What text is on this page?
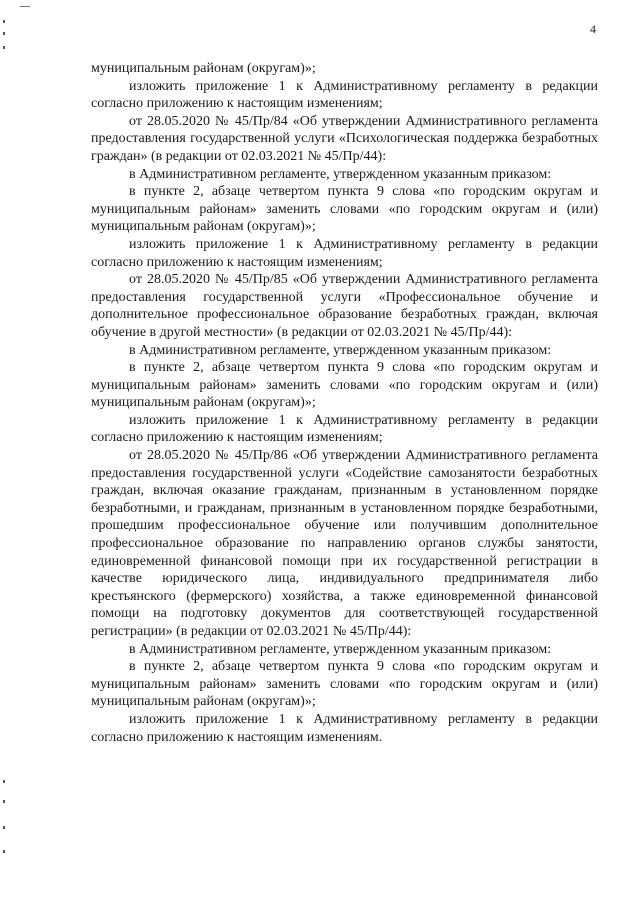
4

муниципальным районам (округам)»;

изложить приложение 1 к Административному регламенту в редакции согласно приложению к настоящим изменениям;

от 28.05.2020 № 45/Пр/84 «Об утверждении Административного регламента предоставления государственной услуги «Психологическая поддержка безработных граждан» (в редакции от 02.03.2021 № 45/Пр/44):

в Административном регламенте, утвержденном указанным приказом:

в пункте 2, абзаце четвертом пункта 9 слова «по городским округам и муниципальным районам» заменить словами «по городским округам и (или) муниципальным районам (округам)»;

изложить приложение 1 к Административному регламенту в редакции согласно приложению к настоящим изменениям;

от 28.05.2020 № 45/Пр/85 «Об утверждении Административного регламента предоставления государственной услуги «Профессиональное обучение и дополнительное профессиональное образование безработных граждан, включая обучение в другой местности» (в редакции от 02.03.2021 № 45/Пр/44):

в Административном регламенте, утвержденном указанным приказом:

в пункте 2, абзаце четвертом пункта 9 слова «по городским округам и муниципальным районам» заменить словами «по городским округам и (или) муниципальным районам (округам)»;

изложить приложение 1 к Административному регламенту в редакции согласно приложению к настоящим изменениям;

от 28.05.2020 № 45/Пр/86 «Об утверждении Административного регламента предоставления государственной услуги «Содействие самозанятости безработных граждан, включая оказание гражданам, признанным в установленном порядке безработными, и гражданам, признанным в установленном порядке безработными, прошедшим профессиональное обучение или получившим дополнительное профессиональное образование по направлению органов службы занятости, единовременной финансовой помощи при их государственной регистрации в качестве юридического лица, индивидуального предпринимателя либо крестьянского (фермерского) хозяйства, а также единовременной финансовой помощи на подготовку документов для соответствующей государственной регистрации» (в редакции от 02.03.2021 № 45/Пр/44):

в Административном регламенте, утвержденном указанным приказом:

в пункте 2, абзаце четвертом пункта 9 слова «по городским округам и муниципальным районам» заменить словами «по городским округам и (или) муниципальным районам (округам)»;

изложить приложение 1 к Административному регламенту в редакции согласно приложению к настоящим изменениям.
